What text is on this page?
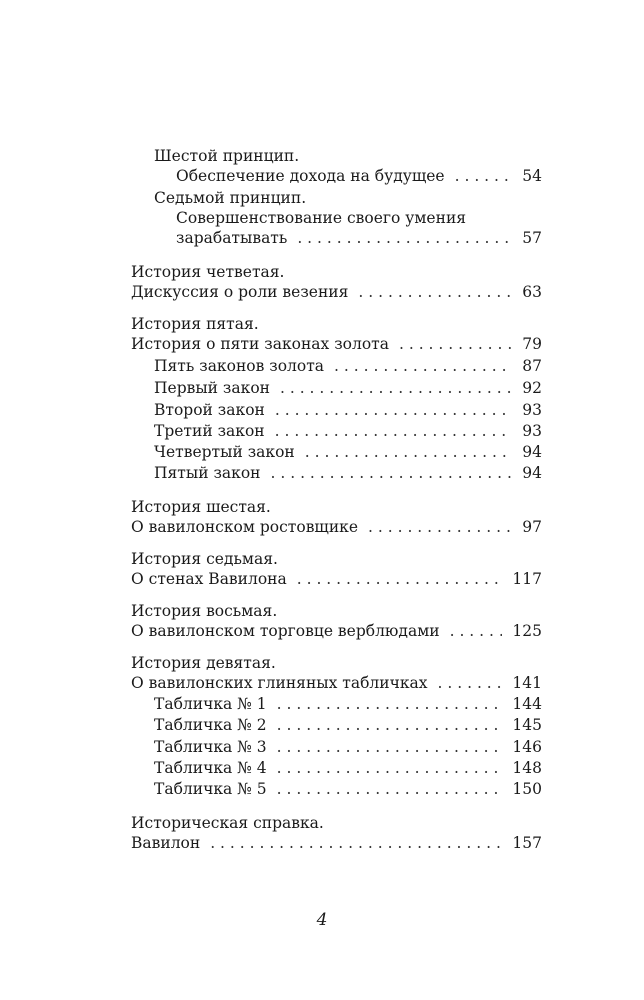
Шестой принцип.
Обеспечение дохода на будущее . . .	54
Седьмой принцип.
Совершенствование своего умения
зарабатывать . . .	57
История четветая.
Дискуссия о роли везения . . .	63
История пятая.
История о пяти законах золота . . .	79
Пять законов золота . . .	87
Первый закон . . .	92
Второй закон . . .	93
Третий закон . . .	93
Четвертый закон . . .	94
Пятый закон . . .	94
История шестая.
О вавилонском ростовщике . . .	97
История седьмая.
О стенах Вавилона . . .	117
История восьмая.
О вавилонском торговце верблюдами . . .	125
История девятая.
О вавилонских глиняных табличках . . .	141
Табличка № 1 . . .	144
Табличка № 2 . . .	145
Табличка № 3 . . .	146
Табличка № 4 . . .	148
Табличка № 5 . . .	150
Историческая справка.
Вавилон . . .	157
4
